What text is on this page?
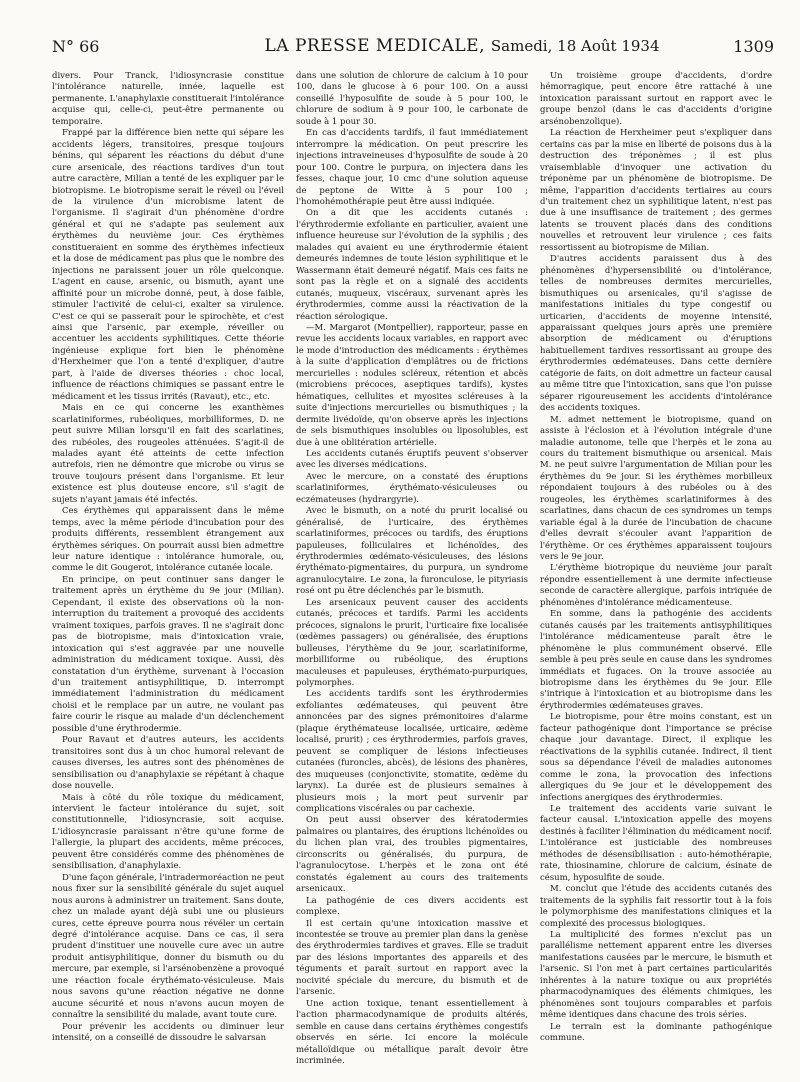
N° 66	LA PRESSE MEDICALE, Samedi, 18 Août 1934	1309

divers. Pour Tranck, l'idiosyncrasie constitue l'intolérance naturelle, innée, laquelle est permanente. L'anaphylaxie constituerait l'intolérance acquise qui, celle-ci, peut-être permanente ou temporaire.

Frappé par la différence bien nette qui sépare les accidents légers, transitoires, presque toujours bénins, qui séparent les réactions du début d'une cure arsenicale, des réactions tardives d'un tout autre caractère, Milian a tenté de les expliquer par le biotropisme. Le biotropisme serait le réveil ou l'éveil de la virulence d'un microbisme latent de l'organisme. Il s'agirait d'un phénomène d'ordre général et qui ne s'adapte pas seulement aux érythèmes du neuvième jour. Ces érythèmes constitueraient en somme des érythèmes infectieux et la dose de médicament pas plus que le nombre des injections ne paraissent jouer un rôle quelconque. L'agent en cause, arsenic, ou bismuth, ayant une affinité pour un microbe donné, peut, à dose faible, stimuler l'activité de celui-ci, exalter sa virulence. C'est ce qui se passerait pour le spirochète, et c'est ainsi que l'arsenic, par exemple, réveiller ou accentuer les accidents syphilitiques. Cette théorie ingénieuse explique fort bien le phénomène d'Herxheimer que l'on a tenté d'expliquer, d'autre part, à l'aide de diverses théories : choc local, influence de réactions chimiques se passant entre le médicament et les tissus irrités (Ravaut), etc., etc.

Mais en ce qui concerne les exanthèmes scarlatiniformes, rubéoliques, morbilliformes, D. ne peut suivre Milian lorsqu'il en fait des scarlatines, des rubéoles, des rougeoles atténuées. S'agit-il de malades ayant été atteints de cette infection autrefois, rien ne démontre que microbe ou virus se trouve toujours présent dans l'organisme. Et leur existence est plus douteuse encore, s'il s'agit de sujets n'ayant jamais été infectés.

Ces érythèmes qui apparaissent dans le même temps, avec la même période d'incubation pour des produits différents, ressemblent étrangement aux érythèmes sériques. On pourrait aussi bien admettre leur nature identique : intolérance humorale, ou, comme le dit Gougerot, intolérance cutanée locale.

En principe, on peut continuer sans danger le traitement après un érythème du 9e jour (Milian). Cependant, il existe des observations où la non-interruption du traitement a provoqué des accidents vraiment toxiques, parfois graves. Il ne s'agirait donc pas de biotropisme, mais d'intoxication vraie, intoxication qui s'est aggravée par une nouvelle administration du médicament toxique. Aussi, dès constatation d'un érythème, survenant à l'occasion d'un traitement antisyphilitique, D. interrompt immédiatement l'administration du médicament choisi et le remplace par un autre, ne voulant pas faire courir le risque au malade d'un déclenchement possible d'une érythrodermie.

Pour Ravaut et d'autres auteurs, les accidents transitoires sont dus à un choc humoral relevant de causes diverses, les autres sont des phénomènes de sensibilisation ou d'anaphylaxie se répétant à chaque dose nouvelle.

Mais à côté du rôle toxique du médicament, intervient le facteur intolérance du sujet, soit constitutionnelle, l'idiosyncrasie, soit acquise. L'idiosyncrasie paraissant n'être qu'une forme de l'allergie, la plupart des accidents, même précoces, peuvent être considérés comme des phénomènes de sensibilisation, d'anaphylaxie.

D'une façon générale, l'intradermoréaction ne peut nous fixer sur la sensibilité générale du sujet auquel nous aurons à administrer un traitement. Sans doute, chez un malade ayant déjà subi une ou plusieurs cures, cette épreuve pourra nous révéler un certain degré d'intolérance acquise. Dans ce cas, il sera prudent d'instituer une nouvelle cure avec un autre produit antisyphilitique, donner du bismuth ou du mercure, par exemple, si l'arsénobenzène a provoqué une réaction focale érythémato-vésiculeuse. Mais nous savons qu'une réaction négative ne donne aucune sécurité et nous n'avons aucun moyen de connaître la sensibilité du malade, avant toute cure.

Pour prévenir les accidents ou diminuer leur intensité, on a conseillé de dissoudre le salvarsan

dans une solution de chlorure de calcium à 10 pour 100, dans le glucose à 6 pour 100. On a aussi conseillé l'hyposulfite de soude à 5 pour 100, le chlorure de sodium à 9 pour 100, le carbonate de soude à 1 pour 30.

En cas d'accidents tardifs, il faut immédiatement interrompre la médication. On peut prescrire les injections intraveineuses d'hyposulfite de soude à 20 pour 100. Contre le purpura, on injectera dans les fesses, chaque jour, 10 cmc d'une solution aqueuse de peptone de Witte à 5 pour 100 ; l'homohémothérapie peut être aussi indiquée.

On a dit que les accidents cutanés : l'érythrodermie exfoliante en particulier, avaient une influence heureuse sur l'évolution de la syphilis ; des malades qui avaient eu une érythrodermie étaient demeurés indemnes de toute lésion syphilitique et le Wassermann était demeuré négatif. Mais ces faits ne sont pas la règle et on a signalé des accidents cutanés, muqueux, viscéraux, survenant après les érythrodermies, comme aussi la réactivation de la réaction sérologique.

—M. Margarot (Montpellier), rapporteur, passe en revue les accidents locaux variables, en rapport avec le mode d'introduction des médicaments : érythèmes à la suite d'application d'emplâtres ou de frictions mercurielles : nodules scléreux, rétention et abcès (microbiens précoces, aseptiques tardifs), kystes hématiques, cellulites et myosites scléreuses à la suite d'injections mercurielles ou bismuthiques ; la dermite livédoïde, qu'on observe après les injections de sels bismuthiques insolubles ou liposolubles, est due à une oblitération artérielle.

Les accidents cutanés éruptifs peuvent s'observer avec les diverses médications.

Avec le mercure, on a constaté des éruptions scarlatiniformes, érythémato-vésiculeuses ou eczémateuses (hydrargyrie).

Avec le bismuth, on a noté du prurit localisé ou généralisé, de l'urticaire, des érythèmes scarlatiniformes, précoces ou tardifs, des éruptions papuleuses, folliculaires et lichénoïdes, des érythrodermies œdémato-vésiculeuses, des lésions érythémato-pigmentaires, du purpura, un syndrome agranulocytaire. Le zona, la furonculose, le pityriasis rosé ont pu être déclenchés par le bismuth.

Les arsenicaux peuvent causer des accidents cutanés, précoces et tardifs. Parmi les accidents précoces, signalons le prurit, l'urticaire fixe localisée (œdèmes passagers) ou généralisée, des éruptions bulleuses, l'érythème du 9e jour, scarlatiniforme, morbilliforme ou rubéolique, des éruptions maculeuses et papuleuses, érythémato-purpuriques, polymorphes.

Les accidents tardifs sont les érythrodermies exfoliantes œdémateuses, qui peuvent être annoncées par des signes prémonitoires d'alarme (plaque érythémateuse localisée, urticaire, œdème localisé, prurit) ; ces érythrodermies, parfois graves, peuvent se compliquer de lésions infectieuses cutanées (furoncles, abcès), de lésions des phanères, des muqueuses (conjonctivite, stomatite, œdème du larynx). La durée est de plusieurs semaines à plusieurs mois ; la mort peut survenir par complications viscérales ou par cachexie.

On peut aussi observer des kératodermies palmaires ou plantaires, des éruptions lichénoïdes ou du lichen plan vrai, des troubles pigmentaires, circonscrits ou généralisés, du purpura, de l'agranulocytose. L'herpès et le zona ont été constatés également au cours des traitements arsenicaux.

La pathogénie de ces divers accidents est complexe.

Il est certain qu'une intoxication massive et incontestée se trouve au premier plan dans la genèse des érythrodermies tardives et graves. Elle se traduit par des lésions importantes des appareils et des téguments et paraît surtout en rapport avec la nocivité spéciale du mercure, du bismuth et de l'arsenic.

Une action toxique, tenant essentiellement à l'action pharmacodynamique de produits altérés, semble en cause dans certains érythèmes congestifs observés en série. Ici encore la molécule métalloïdique ou métallique paraît devoir être incriminée.

Un troisième groupe d'accidents, d'ordre hémorragique, peut encore être rattaché à une intoxication paraissant surtout en rapport avec le groupe benzol (dans le cas d'accidents d'origine arsénobenzolique).

La réaction de Herxheimer peut s'expliquer dans certains cas par la mise en liberté de poisons dus à la destruction des tréponèmes ; il est plus vraisemblable d'invoquer une activation du tréponème par un phénomène de biotropisme. De même, l'apparition d'accidents tertiaires au cours d'un traitement chez un syphilitique latent, n'est pas due à une insuffisance de traitement ; des germes latents se trouvent placés dans des conditions nouvelles et retrouvent leur virulence ; ces faits ressortissent au biotropisme de Milian.

D'autres accidents paraissent dus à des phénomènes d'hypersensibilité ou d'intolérance, telles de nombreuses dermites mercurielles, bismuthiques ou arsenicales, qu'il s'agisse de manifestations initiales du type congestif ou urticarien, d'accidents de moyenne intensité, apparaissant quelques jours après une première absorption de médicament ou d'éruptions habituellement tardives ressortissant au groupe des érythrodermies œdémateuses. Dans cette dernière catégorie de faits, on doit admettre un facteur causal au même titre que l'intoxication, sans que l'on puisse séparer rigoureusement les accidents d'intolérance des accidents toxiques.

M. admet nettement le biotropisme, quand on assiste à l'éclosion et à l'évolution intégrale d'une maladie autonome, telle que l'herpès et le zona au cours du traitement bismuthique ou arsenical. Mais M. ne peut suivre l'argumentation de Milian pour les érythèmes du 9e jour. Si les érythèmes morbilleux répondaient toujours à des rubéoles ou à des rougeoles, les érythèmes scarlatiniformes à des scarlatines, dans chacun de ces syndromes un temps variable égal à la durée de l'incubation de chacune d'elles devrait s'écouler avant l'apparition de l'érythème. Or ces érythèmes apparaissent toujours vers le 9e jour.

L'érythème biotropique du neuvième jour paraît répondre essentiellement à une dermite infectieuse seconde de caractère allergique, parfois intriquée de phénomènes d'intolérance médicamenteuse.

En somme, dans la pathogénie des accidents cutanés causés par les traitements antisyphilitiques l'intolérance médicamenteuse paraît être le phénomène le plus communément observé. Elle semble à peu près seule en cause dans les syndromes immédiats et fugaces. On la trouve associée au biotropisme dans les érythèmes du 9e jour. Elle s'intrique à l'intoxication et au biotropisme dans les érythrodermies œdémateuses graves.

Le biotropisme, pour être moins constant, est un facteur pathogénique dont l'importance se précise chaque jour davantage. Direct, il explique les réactivations de la syphilis cutanée. Indirect, il tient sous sa dépendance l'éveil de maladies autonomes comme le zona, la provocation des infections allergiques du 9e jour et le développement des infections anergiques des érythrodermies.

Le traitement des accidents varie suivant le facteur causal. L'intoxication appelle des moyens destinés à faciliter l'élimination du médicament nocif. L'intolérance est justiciable des nombreuses méthodes de désensibilisation : auto-hémothérapie, rate, thiosinamine, chlorure de calcium, ésinate de césum, hyposulfite de soude.

M. conclut que l'étude des accidents cutanés des traitements de la syphilis fait ressortir tout à la fois le polymorphisme des manifestations cliniques et la complexité des processus biologiques.

La multiplicité des formes n'exclut pas un parallélisme nettement apparent entre les diverses manifestations causées par le mercure, le bismuth et l'arsenic. Si l'on met à part certaines particularités inhérentes à la nature toxique ou aux propriétés pharmacodynamiques des éléments chimiques, les phénomènes sont toujours comparables et parfois même identiques dans chacune des trois séries.

Le terrain est la dominante pathogénique commune.
